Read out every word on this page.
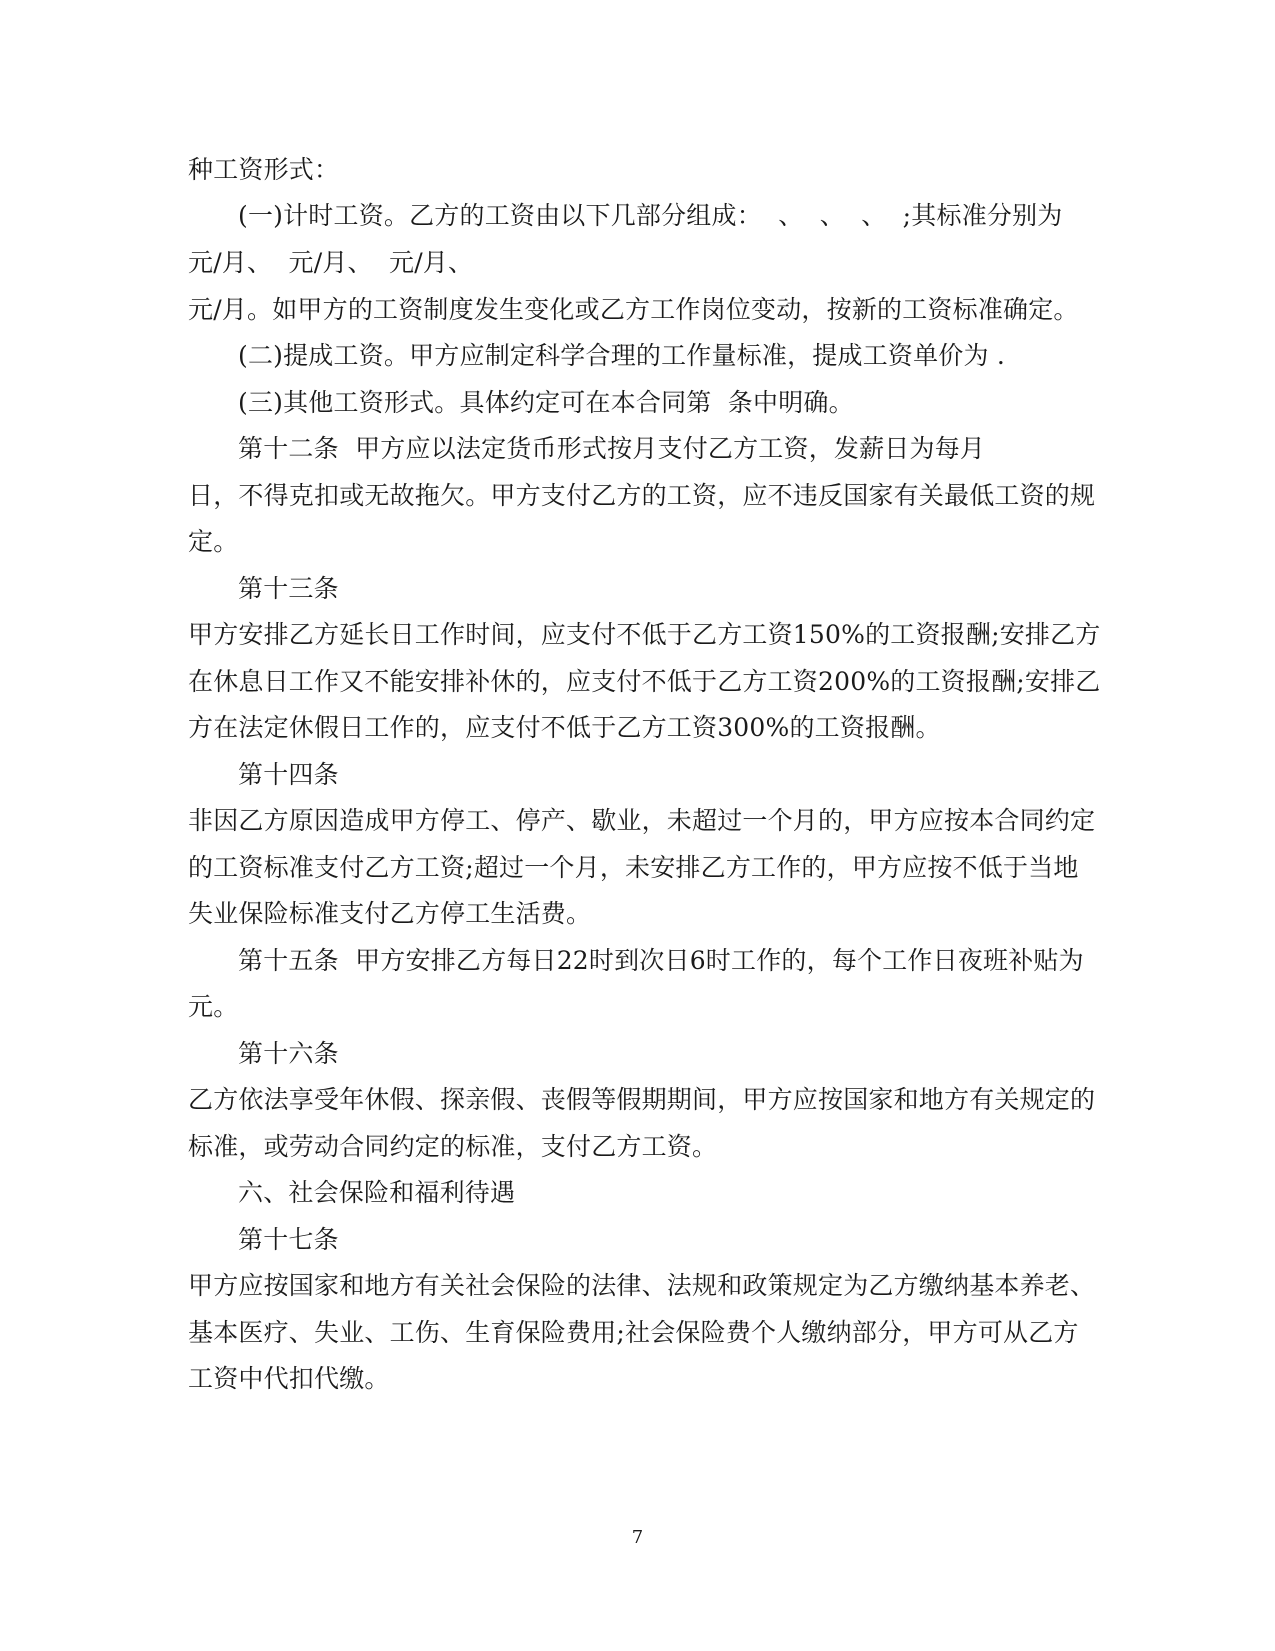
种工资形式：
(一)计时工资。乙方的工资由以下几部分组成：  、  、  、  ;其标准分别为
元/月、  元/月、  元/月、
元/月。如甲方的工资制度发生变化或乙方工作岗位变动，按新的工资标准确定。
(二)提成工资。甲方应制定科学合理的工作量标准，提成工资单价为 .
(三)其他工资形式。具体约定可在本合同第  条中明确。
第十二条  甲方应以法定货币形式按月支付乙方工资，发薪日为每月
日，不得克扣或无故拖欠。甲方支付乙方的工资，应不违反国家有关最低工资的规
定。
第十三条
甲方安排乙方延长日工作时间，应支付不低于乙方工资150%的工资报酬;安排乙方
在休息日工作又不能安排补休的，应支付不低于乙方工资200%的工资报酬;安排乙
方在法定休假日工作的，应支付不低于乙方工资300%的工资报酬。
第十四条
非因乙方原因造成甲方停工、停产、歇业，未超过一个月的，甲方应按本合同约定
的工资标准支付乙方工资;超过一个月，未安排乙方工作的，甲方应按不低于当地
失业保险标准支付乙方停工生活费。
第十五条  甲方安排乙方每日22时到次日6时工作的，每个工作日夜班补贴为
元。
第十六条
乙方依法享受年休假、探亲假、丧假等假期期间，甲方应按国家和地方有关规定的
标准，或劳动合同约定的标准，支付乙方工资。
六、社会保险和福利待遇
第十七条
甲方应按国家和地方有关社会保险的法律、法规和政策规定为乙方缴纳基本养老、
基本医疗、失业、工伤、生育保险费用;社会保险费个人缴纳部分，甲方可从乙方
工资中代扣代缴。
7
